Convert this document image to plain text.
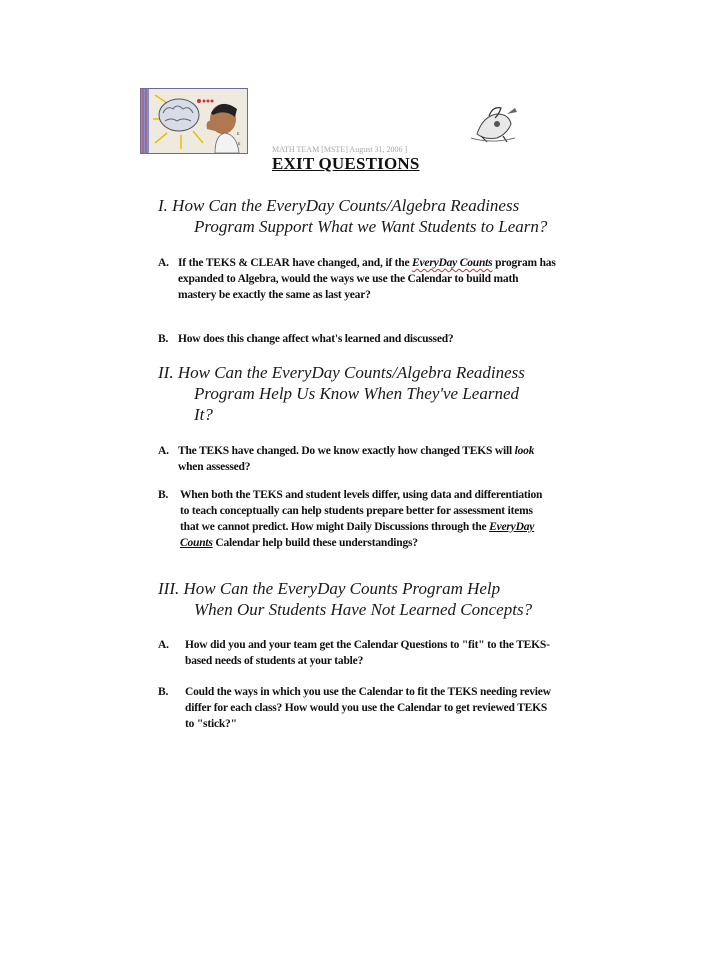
ε
ε
MATH TEAM [MSTE] August 31, 2006 ]
EXIT QUESTIONS
I. How Can the EveryDay Counts/Algebra Readiness
Program Support What we Want Students to Learn?
A. If the TEKS & CLEAR have changed, and, if the EveryDay Counts program has expanded to Algebra, would the ways we use the Calendar to build math mastery be exactly the same as last year?
B. How does this change affect what's learned and discussed?
II. How Can the EveryDay Counts/Algebra Readiness
Program Help Us Know When They've Learned
It?
A. The TEKS have changed. Do we know exactly how changed TEKS will look when assessed?
B.	When both the TEKS and student levels differ, using data and differentiation to teach conceptually can help students prepare better for assessment items that we cannot predict. How might Daily Discussions through the EveryDay Counts Calendar help build these understandings?
III. How Can the EveryDay Counts Program Help
When Our Students Have Not Learned Concepts?
A.	How did you and your team get the Calendar Questions to "fit" to the TEKS-based needs of students at your table?
B.	Could the ways in which you use the Calendar to fit the TEKS needing review differ for each class? How would you use the Calendar to get reviewed TEKS to "stick?"
